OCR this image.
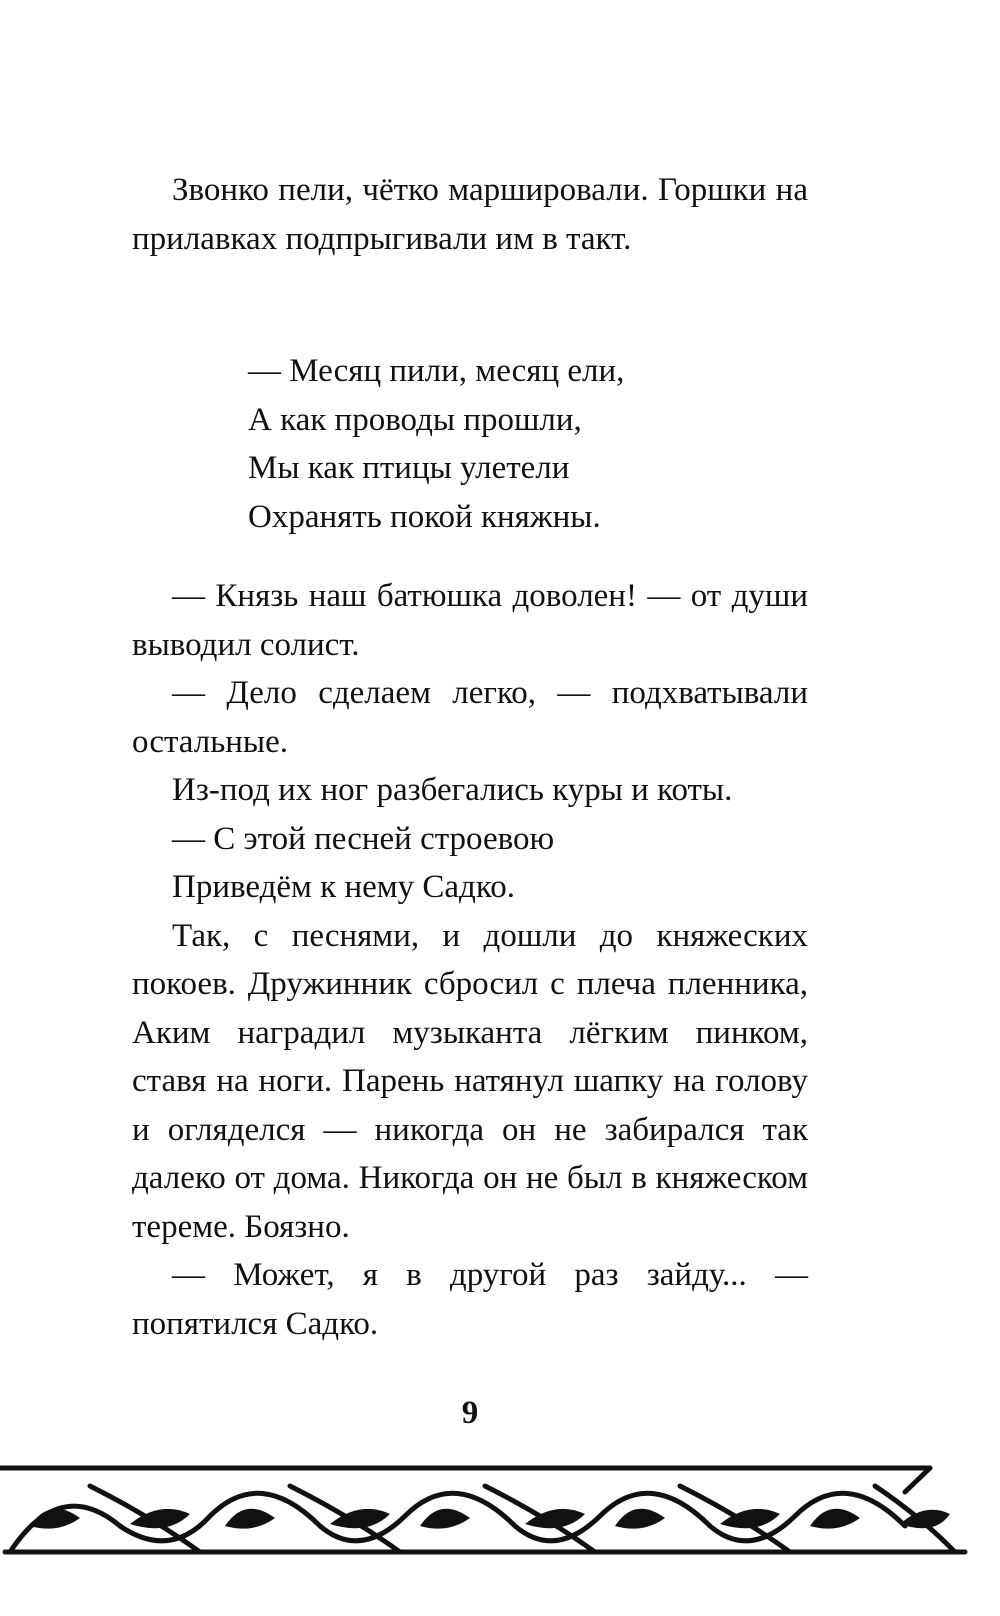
Звонко пели, чётко маршировали. Горшки на прилавках подпрыгивали им в такт.

— Месяц пили, месяц ели,

А как проводы прошли,

Мы как птицы улетели

Охранять покой княжны.

— Князь наш батюшка доволен! — от души выводил солист.

— Дело сделаем легко, — подхватывали остальные.

Из-под их ног разбегались куры и коты.

— С этой песней строевою

Приведём к нему Садко.

Так, с песнями, и дошли до княжеских покоев. Дружинник сбросил с плеча пленника, Аким наградил музыканта лёгким пинком, ставя на ноги. Парень натянул шапку на голову и огляделся — никогда он не забирался так далеко от дома. Никогда он не был в княжеском тереме. Боязно.

— Может, я в другой раз зайду... — попятился Садко.

9
